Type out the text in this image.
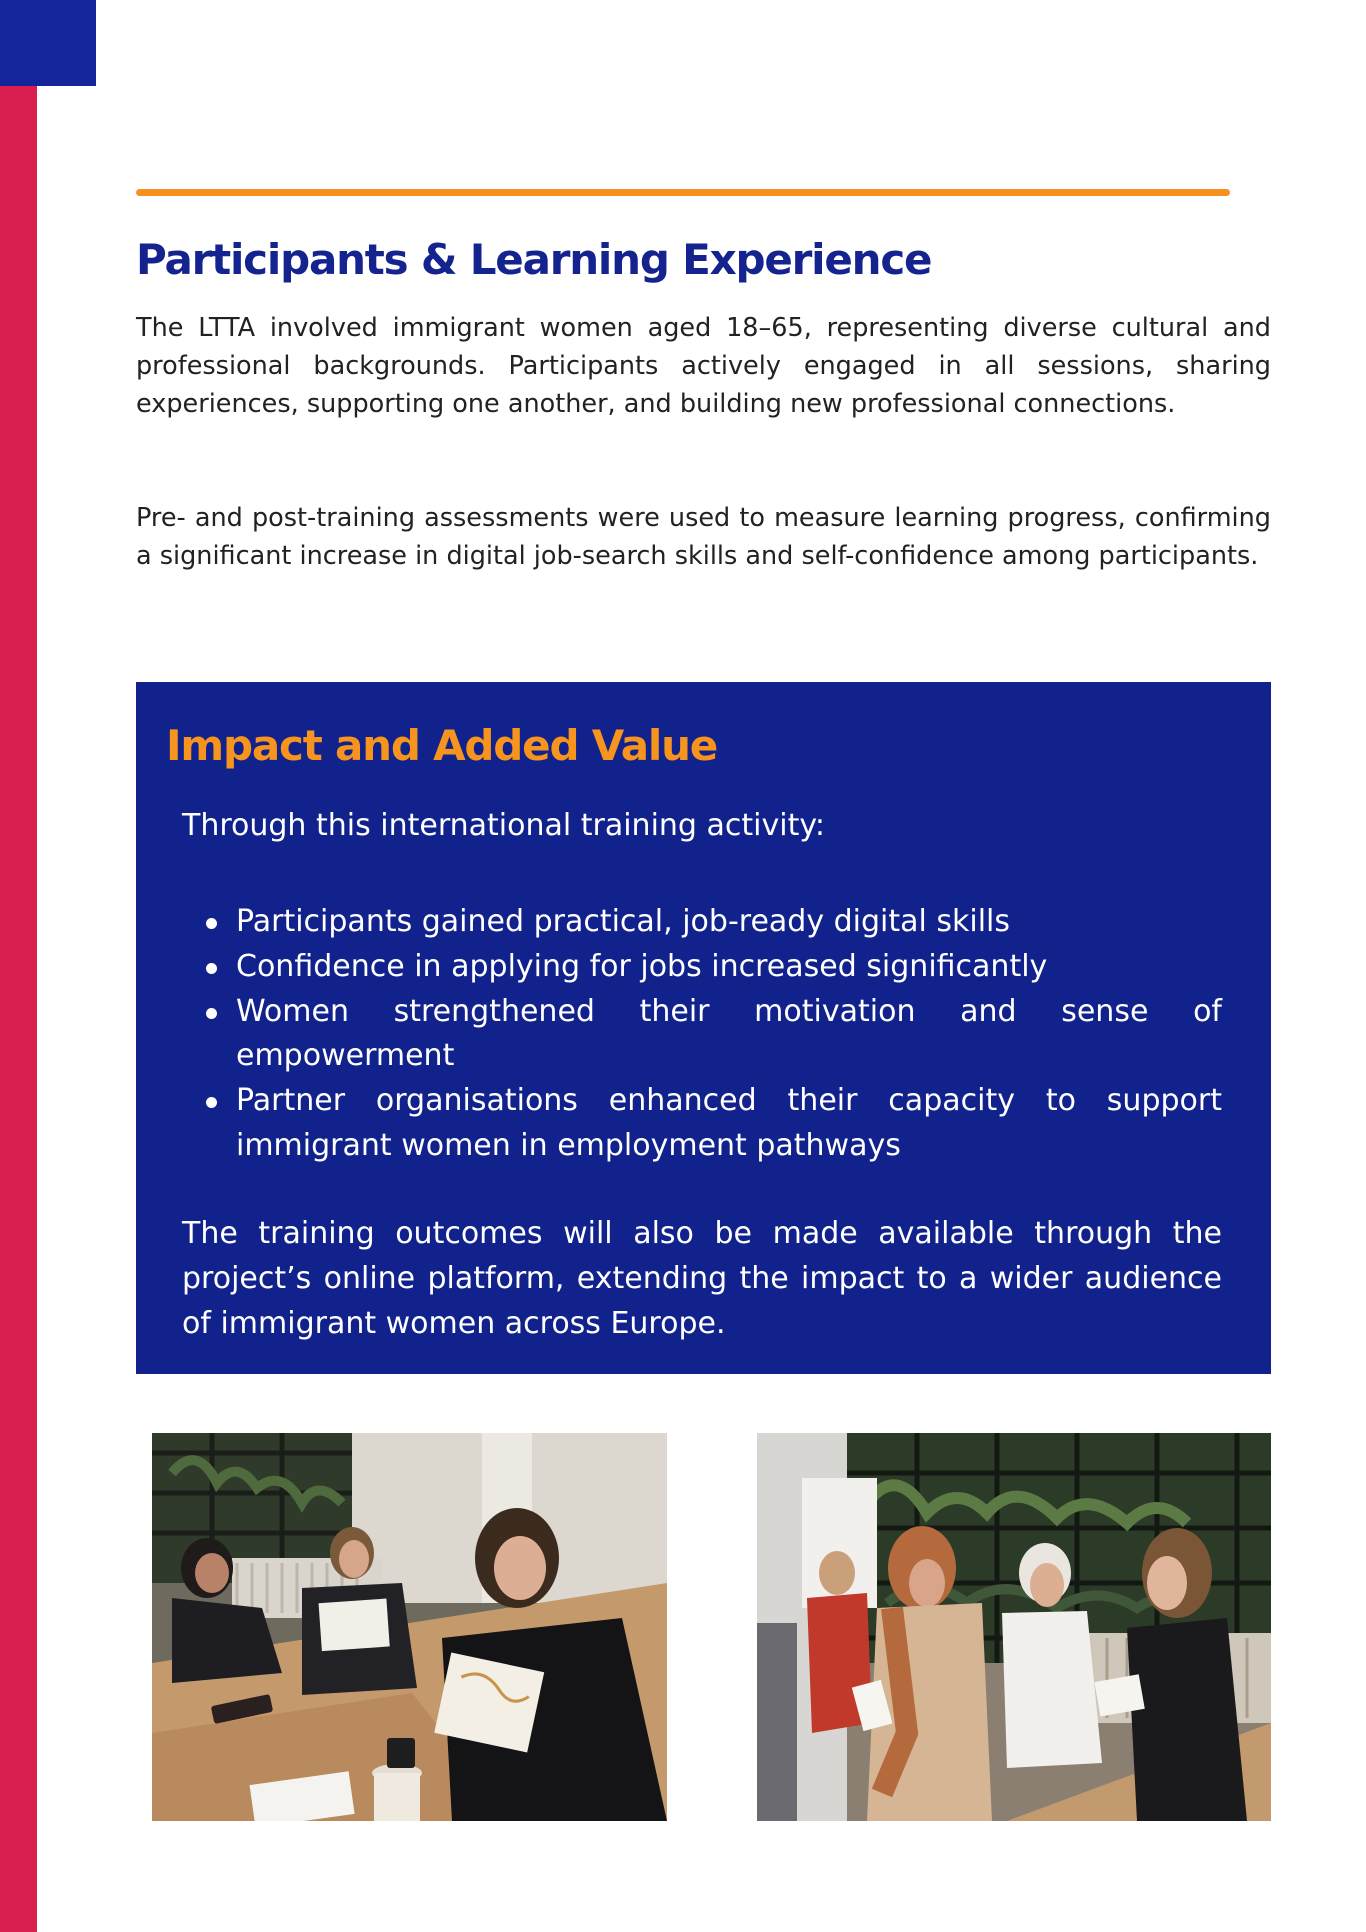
Participants & Learning Experience

The LTTA involved immigrant women aged 18–65, representing diverse cultural and professional backgrounds. Participants actively engaged in all sessions, sharing experiences, supporting one another, and building new professional connections.

Pre- and post-training assessments were used to measure learning progress, confirming a significant increase in digital job-search skills and self-confidence among participants.

Impact and Added Value

Through this international training activity:

Participants gained practical, job-ready digital skills
Confidence in applying for jobs increased significantly
Women strengthened their motivation and sense of empowerment
Partner organisations enhanced their capacity to support immigrant women in employment pathways

The training outcomes will also be made available through the project’s online platform, extending the impact to a wider audience of immigrant women across Europe.
